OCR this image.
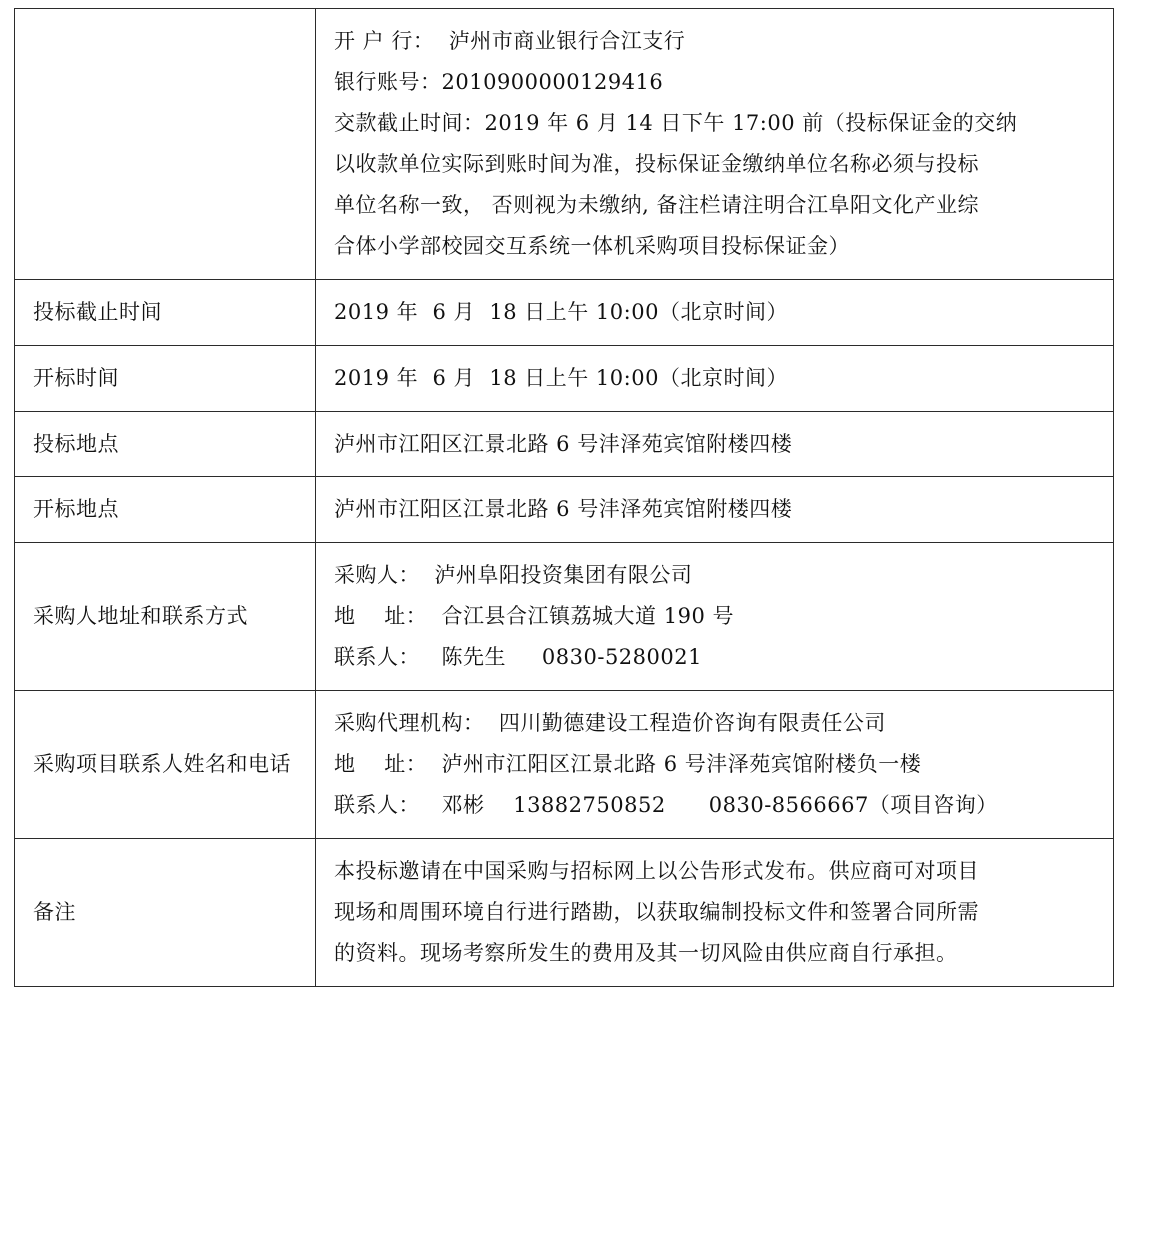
开 户 行：  泸州市商业银行合江支行
银行账号：2010900000129416
交款截止时间：2019 年 6 月 14 日下午 17:00 前（投标保证金的交纳
以收款单位实际到账时间为准，投标保证金缴纳单位名称必须与投标
单位名称一致， 否则视为未缴纳, 备注栏请注明合江阜阳文化产业综
合体小学部校园交互系统一体机采购项目投标保证金）

投标截止时间	2019 年  6 月  18 日上午 10:00（北京时间）

开标时间	2019 年  6 月  18 日上午 10:00（北京时间）

投标地点	泸州市江阳区江景北路 6 号沣泽苑宾馆附楼四楼

开标地点	泸州市江阳区江景北路 6 号沣泽苑宾馆附楼四楼

采购人地址和联系方式	采购人：  泸州阜阳投资集团有限公司
地    址：  合江县合江镇荔城大道 190 号
联系人：   陈先生     0830-5280021

采购项目联系人姓名和电话	采购代理机构：  四川勤德建设工程造价咨询有限责任公司
地    址：  泸州市江阳区江景北路 6 号沣泽苑宾馆附楼负一楼
联系人：   邓彬    13882750852      0830-8566667（项目咨询）

备注	本投标邀请在中国采购与招标网上以公告形式发布。供应商可对项目
现场和周围环境自行进行踏勘，以获取编制投标文件和签署合同所需
的资料。现场考察所发生的费用及其一切风险由供应商自行承担。
